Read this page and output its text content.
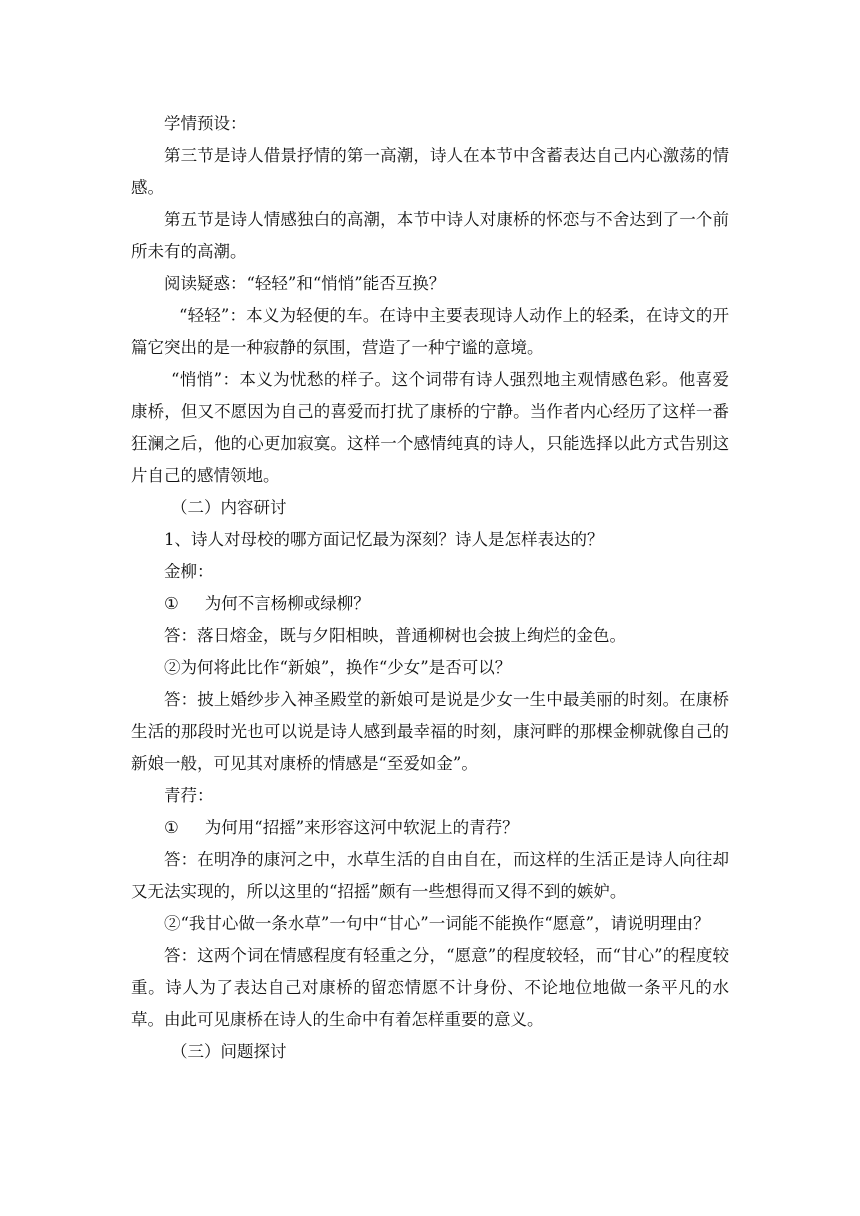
学情预设：

第三节是诗人借景抒情的第一高潮，诗人在本节中含蓄表达自己内心激荡的情感。

第五节是诗人情感独白的高潮，本节中诗人对康桥的怀恋与不舍达到了一个前所未有的高潮。

阅读疑惑：“轻轻”和“悄悄”能否互换？

“轻轻”：本义为轻便的车。在诗中主要表现诗人动作上的轻柔，在诗文的开篇它突出的是一种寂静的氛围，营造了一种宁谧的意境。

“悄悄”：本义为忧愁的样子。这个词带有诗人强烈地主观情感色彩。他喜爱康桥，但又不愿因为自己的喜爱而打扰了康桥的宁静。当作者内心经历了这样一番狂澜之后，他的心更加寂寞。这样一个感情纯真的诗人，只能选择以此方式告别这片自己的感情领地。

（二）内容研讨

1、诗人对母校的哪方面记忆最为深刻？诗人是怎样表达的？

金柳：

① 为何不言杨柳或绿柳？

答：落日熔金，既与夕阳相映，普通柳树也会披上绚烂的金色。

②为何将此比作“新娘”，换作“少女”是否可以？

答：披上婚纱步入神圣殿堂的新娘可是说是少女一生中最美丽的时刻。在康桥生活的那段时光也可以说是诗人感到最幸福的时刻，康河畔的那棵金柳就像自己的新娘一般，可见其对康桥的情感是“至爱如金”。

青荇：

① 为何用“招摇”来形容这河中软泥上的青荇？

答：在明净的康河之中，水草生活的自由自在，而这样的生活正是诗人向往却又无法实现的，所以这里的“招摇”颇有一些想得而又得不到的嫉妒。

②“我甘心做一条水草”一句中“甘心”一词能不能换作“愿意”，请说明理由？

答：这两个词在情感程度有轻重之分，“愿意”的程度较轻，而“甘心”的程度较重。诗人为了表达自己对康桥的留恋情愿不计身份、不论地位地做一条平凡的水草。由此可见康桥在诗人的生命中有着怎样重要的意义。

（三）问题探讨
